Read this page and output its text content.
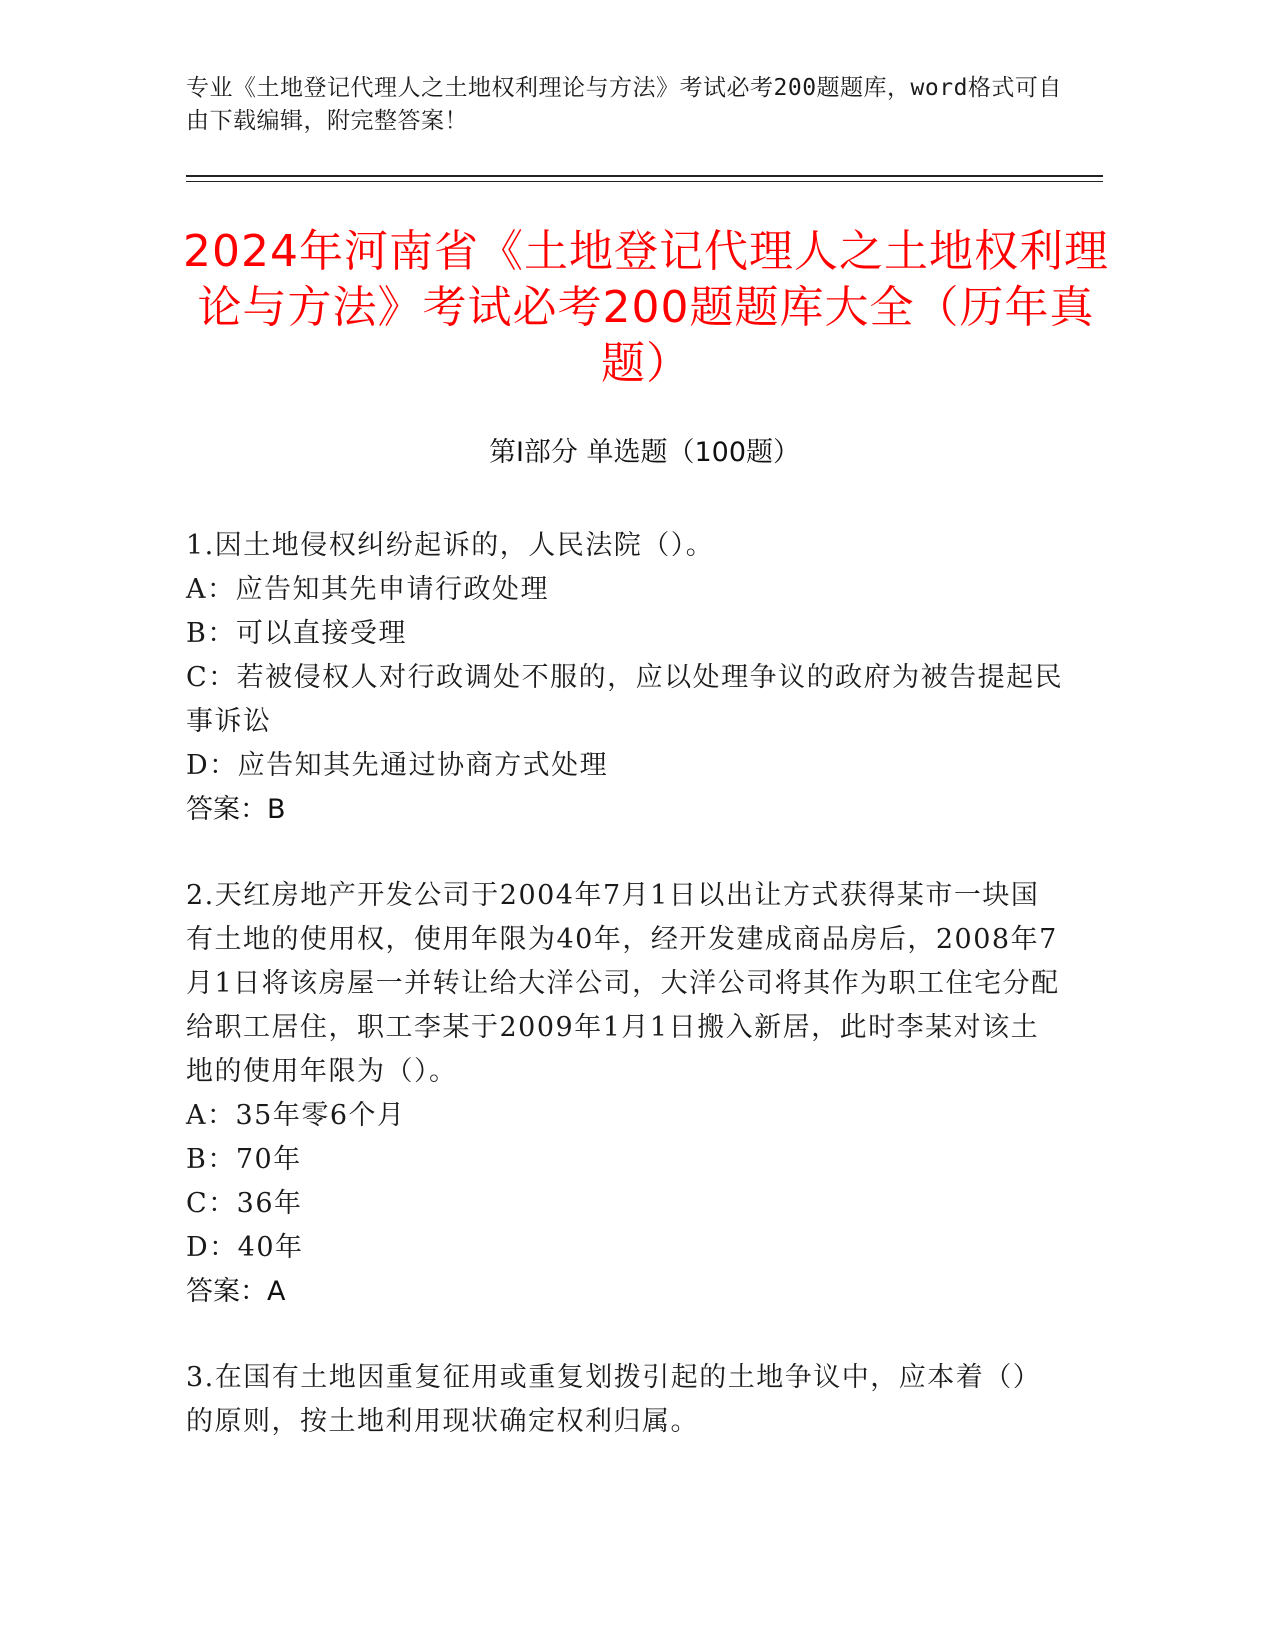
专业《土地登记代理人之土地权利理论与方法》考试必考200题题库，word格式可自由下载编辑，附完整答案！
2024年河南省《土地登记代理人之土地权利理论与方法》考试必考200题题库大全（历年真题）
第Ⅰ部分 单选题（100题）
1.因土地侵权纠纷起诉的，人民法院（）。
A：应告知其先申请行政处理
B：可以直接受理
C：若被侵权人对行政调处不服的，应以处理争议的政府为被告提起民事诉讼
D：应告知其先通过协商方式处理
答案：B
2.天红房地产开发公司于2004年7月1日以出让方式获得某市一块国有土地的使用权，使用年限为40年，经开发建成商品房后，2008年7月1日将该房屋一并转让给大洋公司，大洋公司将其作为职工住宅分配给职工居住，职工李某于2009年1月1日搬入新居，此时李某对该土地的使用年限为（）。
A：35年零6个月
B：70年
C：36年
D：40年
答案：A
3.在国有土地因重复征用或重复划拨引起的土地争议中，应本着（）的原则，按土地利用现状确定权利归属。
